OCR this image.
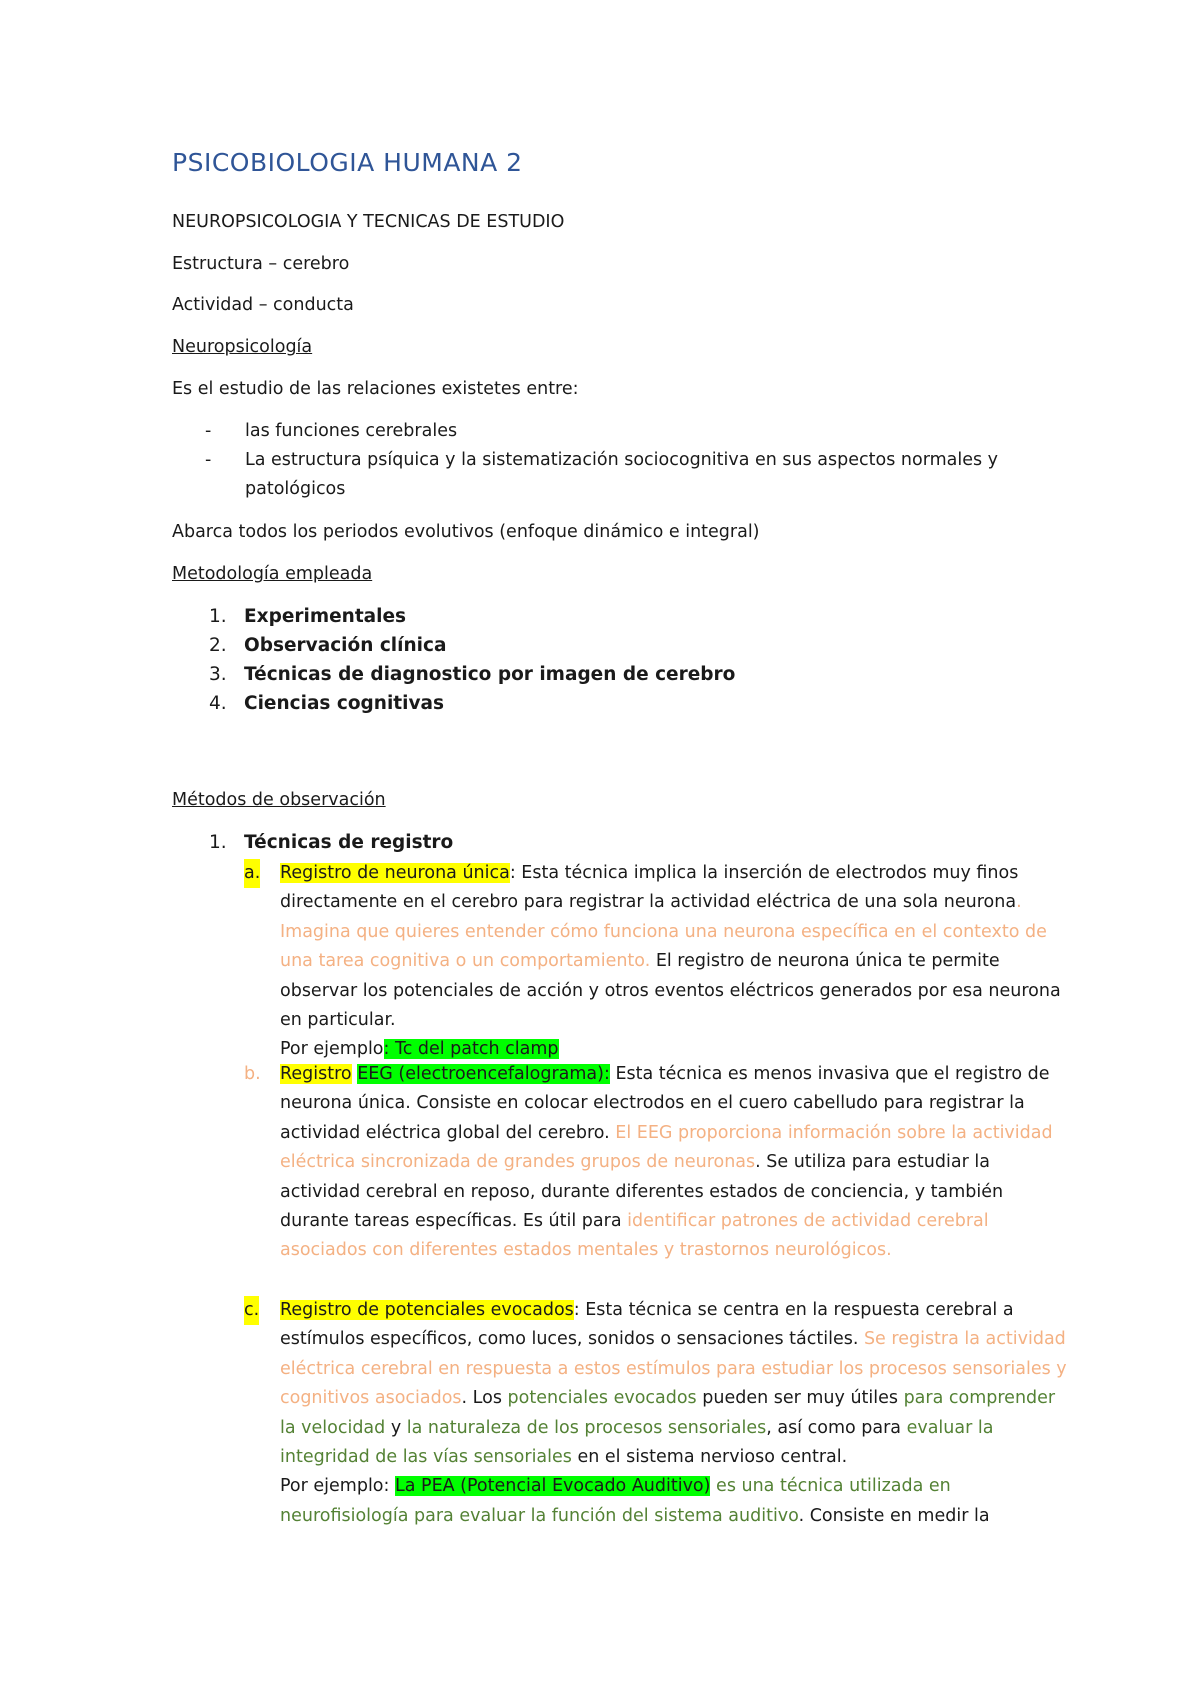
PSICOBIOLOGIA HUMANA 2

NEUROPSICOLOGIA Y TECNICAS DE ESTUDIO

Estructura – cerebro

Actividad – conducta

Neuropsicología

Es el estudio de las relaciones existetes entre:

- las funciones cerebrales
- La estructura psíquica y la sistematización sociocognitiva en sus aspectos normales y
patológicos

Abarca todos los periodos evolutivos (enfoque dinámico e integral)

Metodología empleada

1. Experimentales
2. Observación clínica
3. Técnicas de diagnostico por imagen de cerebro
4. Ciencias cognitivas

Métodos de observación

1. Técnicas de registro
a. Registro de neurona única: Esta técnica implica la inserción de electrodos muy finos directamente en el cerebro para registrar la actividad eléctrica de una sola neurona. Imagina que quieres entender cómo funciona una neurona específica en el contexto de una tarea cognitiva o un comportamiento. El registro de neurona única te permite observar los potenciales de acción y otros eventos eléctricos generados por esa neurona en particular.
Por ejemplo: Tc del patch clamp
b. Registro EEG (electroencefalograma): Esta técnica es menos invasiva que el registro de neurona única. Consiste en colocar electrodos en el cuero cabelludo para registrar la actividad eléctrica global del cerebro. El EEG proporciona información sobre la actividad eléctrica sincronizada de grandes grupos de neuronas. Se utiliza para estudiar la actividad cerebral en reposo, durante diferentes estados de conciencia, y también durante tareas específicas. Es útil para identificar patrones de actividad cerebral asociados con diferentes estados mentales y trastornos neurológicos.
c. Registro de potenciales evocados: Esta técnica se centra en la respuesta cerebral a estímulos específicos, como luces, sonidos o sensaciones táctiles. Se registra la actividad eléctrica cerebral en respuesta a estos estímulos para estudiar los procesos sensoriales y cognitivos asociados. Los potenciales evocados pueden ser muy útiles para comprender la velocidad y la naturaleza de los procesos sensoriales, así como para evaluar la integridad de las vías sensoriales en el sistema nervioso central.
Por ejemplo: La PEA (Potencial Evocado Auditivo) es una técnica utilizada en neurofisiología para evaluar la función del sistema auditivo. Consiste en medir la
